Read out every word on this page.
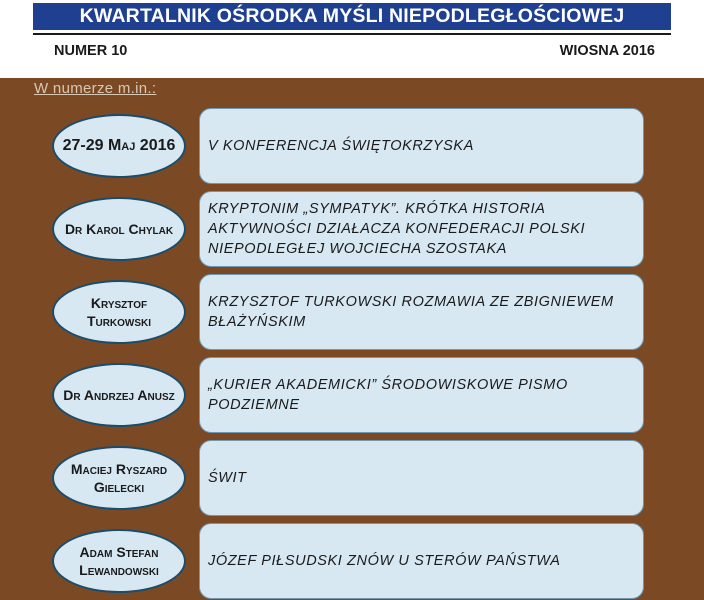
KWARTALNIK OŚRODKA MYŚLI NIEPODLEGŁOŚCIOWEJ
NUMER 10	WIOSNA 2016
W numerze m.in.:
27-29 Maj 2016	V KONFERENCJA ŚWIĘTOKRZYSKA
Dr Karol Chylak
KRYPTONIM „SYMPATYK”. KRÓTKA HISTORIA AKTYWNOŚCI DZIAŁACZA KONFEDERACJI POLSKI NIEPODLEGŁEJ WOJCIECHA SZOSTAKA
Krysztof Turkowski
KRZYSZTOF TURKOWSKI ROZMAWIA ZE ZBIGNIEWEM BŁAŻYŃSKIM
Dr Andrzej Anusz
„KURIER AKADEMICKI” ŚRODOWISKOWE PISMO PODZIEMNE
Maciej Ryszard Gielecki
ŚWIT
Adam Stefan Lewandowski
JÓZEF PIŁSUDSKI ZNÓW U STERÓW PAŃSTWA
